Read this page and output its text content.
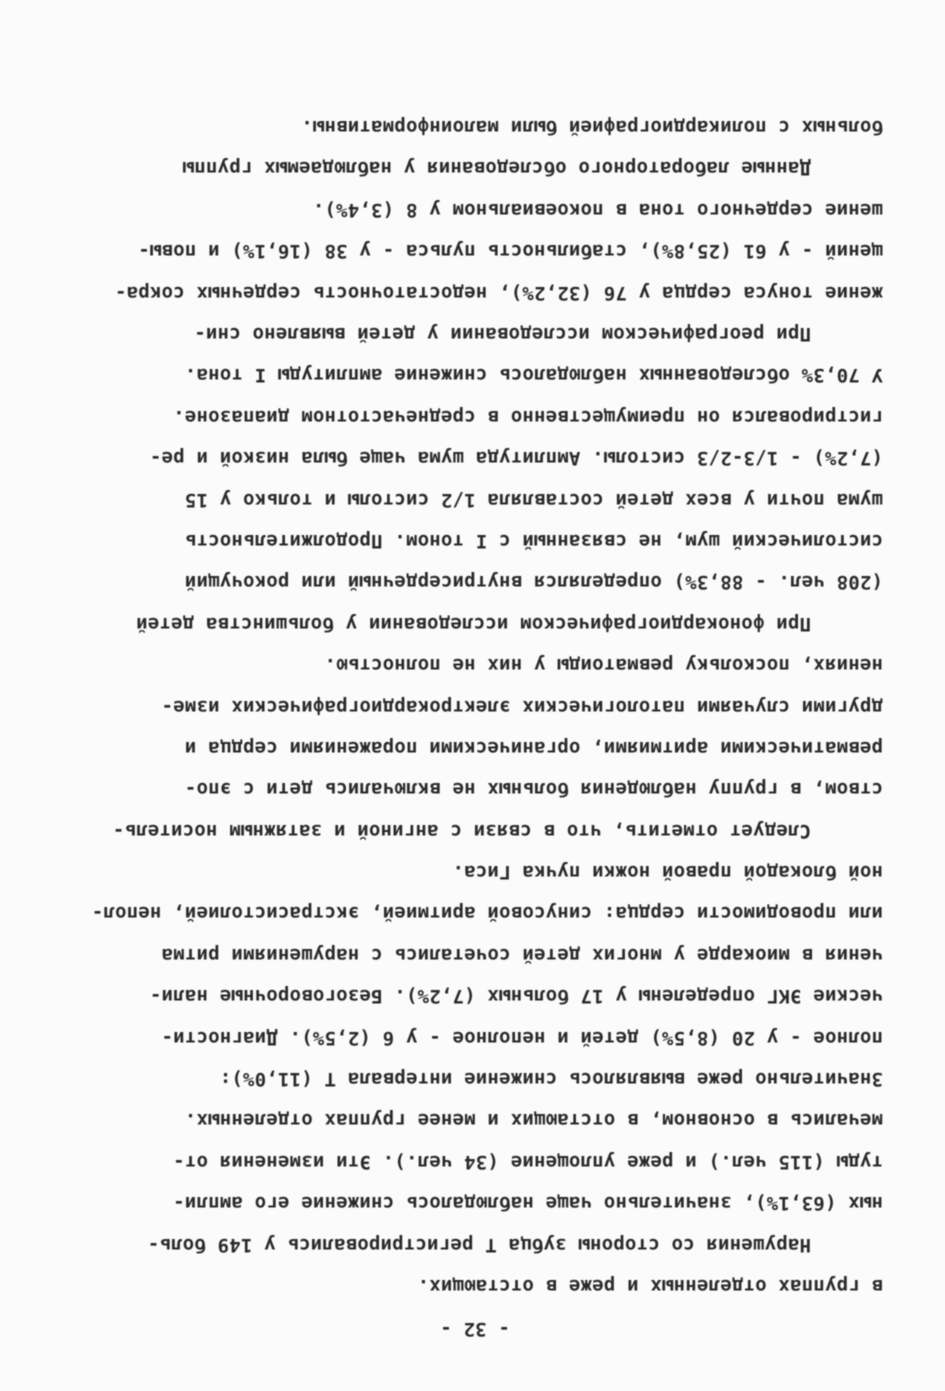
- 32 -
в группах отделенных и реже в отстающих.
Нарушения со стороны зубца Т регистрировались у 149 боль-
ных (63,1%), значительно чаще наблюдалось снижение его ампли-
туды (115 чел.) и реже уплощение (34 чел.). Эти изменения от-
мечались в основном, в отстающих и менее группах отделенных.
Значительно реже выявлялось снижение интервала Т (11,0%):
полное - у 20 (8,5%) детей и неполное - у 6 (2,5%). Диагности-
ческие ЭКГ определены у 17 больных (7,2%). Безоговорочные нали-
чения в миокарде у многих детей сочетались с нарушениями ритма
или проводимости сердца: синусовой аритмией, экстрасистолией, непол-
ной блокадой правой ножки пучка Гиса.
Следует отметить, что в связи с ангиной и затяжным носитель-
ством, в группу наблюдения больных не включались дети с эпо-
ревматическими аритмиями, органическими поражениями сердца и
другими случаями патологических электрокардиографических изме-
нениях, поскольку ревматоиды у них не полностью.
При фонокардиографическом исследовании у большинства детей
(208 чел. - 88,3%) определялся внутрисердечный или рокочущий
систолический шум, не связанный с I тоном. Продолжительность
шума почти у всех детей составляла 1/2 систолы и только у 15
(7,2%) - 1/3-2/3 систолы. Амплитуда шума чаще была низкой и ре-
гистрировался он преимущественно в среднечастотном диапазоне.
У 70,3% обследованных наблюдалось снижение амплитуды I тона.
При реографическом исследовании у детей выявлено сни-
жение тонуса сердца у 76 (32,2%), недостаточность сердечных сокра-
щений - у 61 (25,8%), стабильность пульса - у 38 (16,1%) и повы-
шение сердечного тона в покоевиальном у 8 (3,4%).
Данные лабораторного обследования у наблюдаемых группы
больных с поликардиографией были малоинформативны.
